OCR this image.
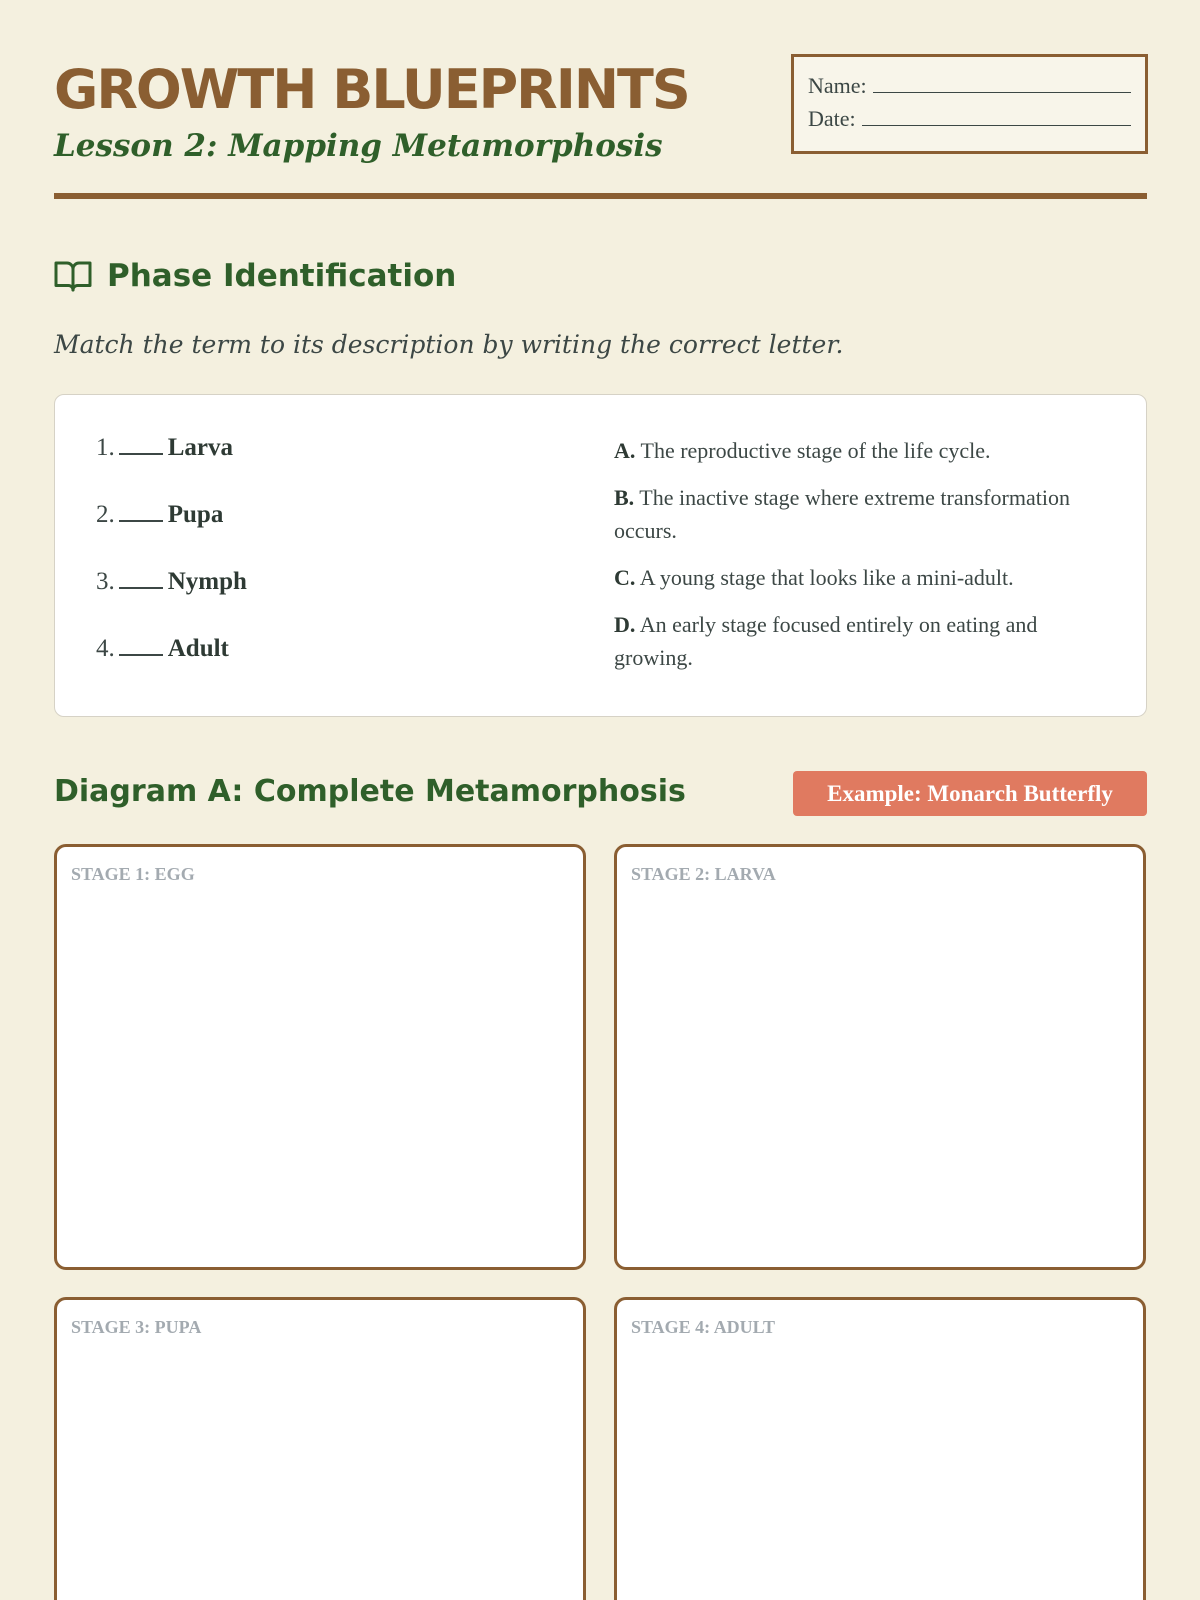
GROWTH BLUEPRINTS
Lesson 2: Mapping Metamorphosis
Name:
Date:
Phase Identification
Match the term to its description by writing the correct letter.
1. Larva
2. Pupa
3. Nymph
4. Adult
A. The reproductive stage of the life cycle.
B. The inactive stage where extreme transformation occurs.
C. A young stage that looks like a mini-adult.
D. An early stage focused entirely on eating and growing.
Diagram A: Complete Metamorphosis	Example: Monarch Butterfly
STAGE 1: EGG	STAGE 2: LARVA
STAGE 3: PUPA	STAGE 4: ADULT
